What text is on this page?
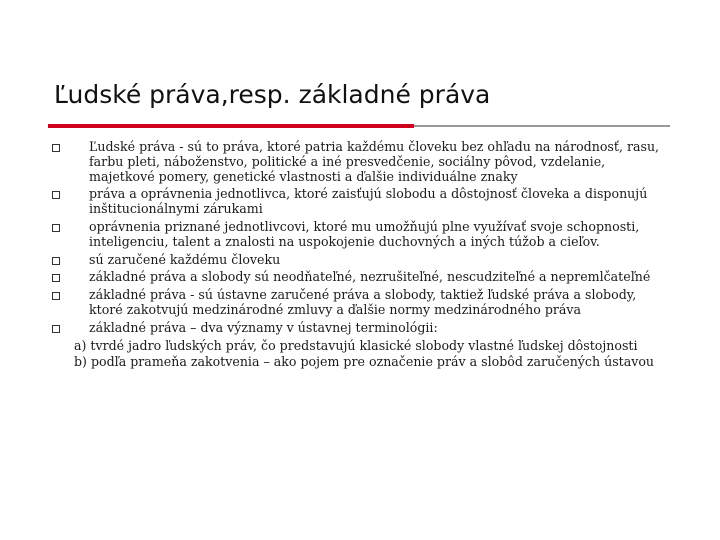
Ľudské práva,resp. základné práva
Ľudské práva - sú to práva, ktoré patria každému človeku bez ohľadu na národnosť, rasu, farbu pleti, náboženstvo, politické a iné presvedčenie, sociálny pôvod, vzdelanie, majetkové pomery, genetické vlastnosti a ďalšie individuálne znaky
práva a oprávnenia jednotlivca, ktoré zaisťujú slobodu a dôstojnosť človeka a disponujú inštitucionálnymi zárukami
oprávnenia priznané jednotlivcovi, ktoré mu umožňujú plne využívať svoje schopnosti, inteligenciu, talent a znalosti na uspokojenie duchovných a iných túžob a cieľov.
sú zaručené každému človeku
základné práva a slobody sú neodňateľné, nezrušiteľné, nescudziteľné a nepremlčateľné
základné práva - sú ústavne zaručené práva a slobody, taktiež ľudské práva a slobody, ktoré zakotvujú medzinárodné zmluvy a ďalšie normy medzinárodného práva
základné práva – dva významy v ústavnej terminológii:
a) tvrdé jadro ľudských práv, čo predstavujú klasické slobody vlastné ľudskej dôstojnosti
b) podľa prameňa zakotvenia – ako pojem pre označenie práv a slobôd zaručených ústavou
